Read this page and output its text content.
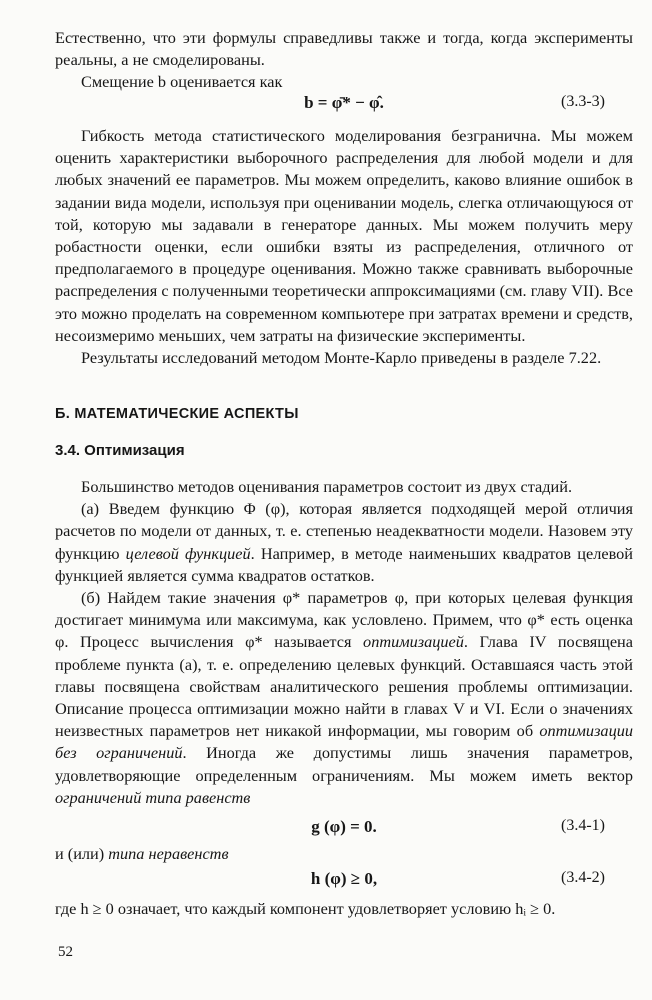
Естественно, что эти формулы справедливы также и тогда, когда эксперименты реальны, а не смоделированы.

Смещение b оценивается как

b = φ̄* − φ̂.	(3.3-3)

Гибкость метода статистического моделирования безгранична. Мы можем оценить характеристики выборочного распределения для любой модели и для любых значений ее параметров. Мы можем определить, каково влияние ошибок в задании вида модели, используя при оценивании модель, слегка отличающуюся от той, которую мы задавали в генераторе данных. Мы можем получить меру робастности оценки, если ошибки взяты из распределения, отличного от предполагаемого в процедуре оценивания. Можно также сравнивать выборочные распределения с полученными теоретически аппроксимациями (см. главу VII). Все это можно проделать на современном компьютере при затратах времени и средств, несоизмеримо меньших, чем затраты на физические эксперименты.

Результаты исследований методом Монте-Карло приведены в разделе 7.22.

Б. МАТЕМАТИЧЕСКИЕ АСПЕКТЫ
3.4. Оптимизация

Большинство методов оценивания параметров состоит из двух стадий.

(а) Введем функцию Φ (φ), которая является подходящей мерой отличия расчетов по модели от данных, т. е. степенью неадекватности модели. Назовем эту функцию целевой функцией. Например, в методе наименьших квадратов целевой функцией является сумма квадратов остатков.

(б) Найдем такие значения φ* параметров φ, при которых целевая функция достигает минимума или максимума, как условлено. Примем, что φ* есть оценка φ. Процесс вычисления φ* называется оптимизацией. Глава IV посвящена проблеме пункта (а), т. е. определению целевых функций. Оставшаяся часть этой главы посвящена свойствам аналитического решения проблемы оптимизации. Описание процесса оптимизации можно найти в главах V и VI. Если о значениях неизвестных параметров нет никакой информации, мы говорим об оптимизации без ограничений. Иногда же допустимы лишь значения параметров, удовлетворяющие определенным ограничениям. Мы можем иметь вектор ограничений типа равенств

g (φ) = 0.	(3.4-1)

и (или) типа неравенств

h (φ) ≥ 0,	(3.4-2)

где h ≥ 0 означает, что каждый компонент удовлетворяет условию hᵢ ≥ 0.

52
